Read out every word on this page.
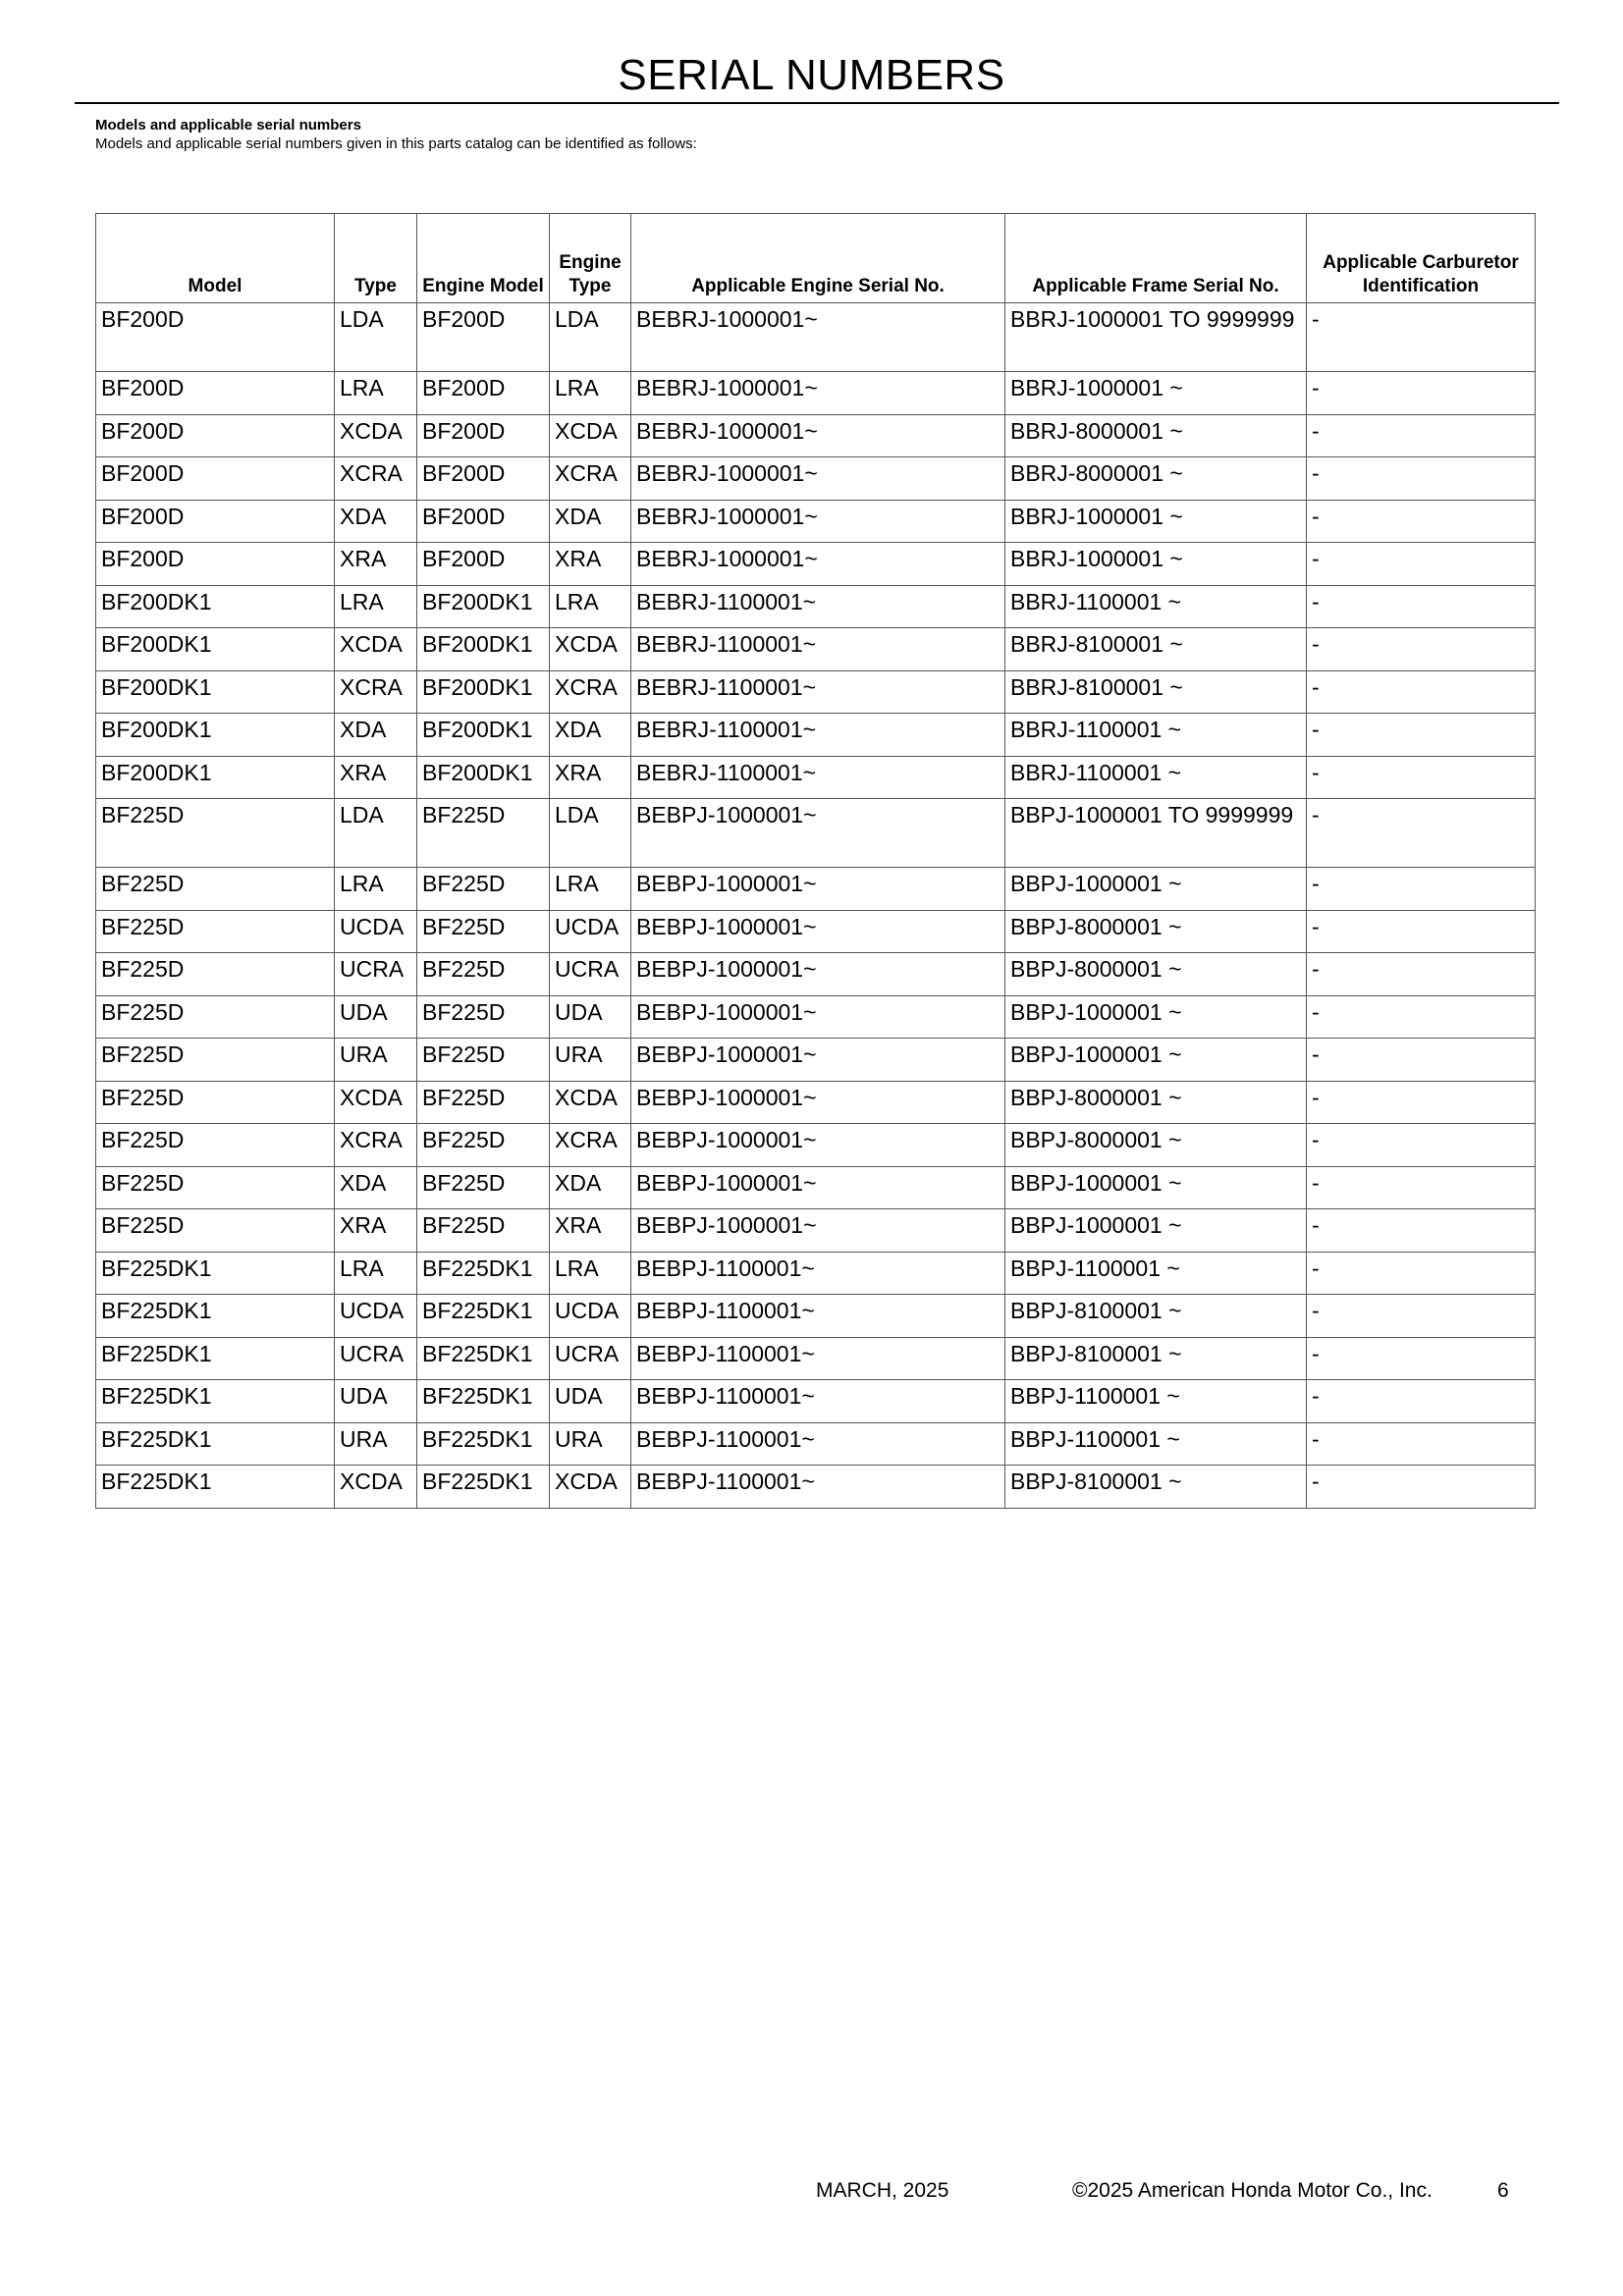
SERIAL NUMBERS
Models and applicable serial numbers
Models and applicable serial numbers given in this parts catalog can be identified as follows:
Model	Type	Engine Model	Engine Type	Applicable Engine Serial No.	Applicable Frame Serial No.	Applicable Carburetor Identification
BF200D	LDA	BF200D	LDA	BEBRJ-1000001~	BBRJ-1000001 TO 9999999	-
BF200D	LRA	BF200D	LRA	BEBRJ-1000001~	BBRJ-1000001 ~	-
BF200D	XCDA	BF200D	XCDA	BEBRJ-1000001~	BBRJ-8000001 ~	-
BF200D	XCRA	BF200D	XCRA	BEBRJ-1000001~	BBRJ-8000001 ~	-
BF200D	XDA	BF200D	XDA	BEBRJ-1000001~	BBRJ-1000001 ~	-
BF200D	XRA	BF200D	XRA	BEBRJ-1000001~	BBRJ-1000001 ~	-
BF200DK1	LRA	BF200DK1	LRA	BEBRJ-1100001~	BBRJ-1100001 ~	-
BF200DK1	XCDA	BF200DK1	XCDA	BEBRJ-1100001~	BBRJ-8100001 ~	-
BF200DK1	XCRA	BF200DK1	XCRA	BEBRJ-1100001~	BBRJ-8100001 ~	-
BF200DK1	XDA	BF200DK1	XDA	BEBRJ-1100001~	BBRJ-1100001 ~	-
BF200DK1	XRA	BF200DK1	XRA	BEBRJ-1100001~	BBRJ-1100001 ~	-
BF225D	LDA	BF225D	LDA	BEBPJ-1000001~	BBPJ-1000001 TO 9999999	-
BF225D	LRA	BF225D	LRA	BEBPJ-1000001~	BBPJ-1000001 ~	-
BF225D	UCDA	BF225D	UCDA	BEBPJ-1000001~	BBPJ-8000001 ~	-
BF225D	UCRA	BF225D	UCRA	BEBPJ-1000001~	BBPJ-8000001 ~	-
BF225D	UDA	BF225D	UDA	BEBPJ-1000001~	BBPJ-1000001 ~	-
BF225D	URA	BF225D	URA	BEBPJ-1000001~	BBPJ-1000001 ~	-
BF225D	XCDA	BF225D	XCDA	BEBPJ-1000001~	BBPJ-8000001 ~	-
BF225D	XCRA	BF225D	XCRA	BEBPJ-1000001~	BBPJ-8000001 ~	-
BF225D	XDA	BF225D	XDA	BEBPJ-1000001~	BBPJ-1000001 ~	-
BF225D	XRA	BF225D	XRA	BEBPJ-1000001~	BBPJ-1000001 ~	-
BF225DK1	LRA	BF225DK1	LRA	BEBPJ-1100001~	BBPJ-1100001 ~	-
BF225DK1	UCDA	BF225DK1	UCDA	BEBPJ-1100001~	BBPJ-8100001 ~	-
BF225DK1	UCRA	BF225DK1	UCRA	BEBPJ-1100001~	BBPJ-8100001 ~	-
BF225DK1	UDA	BF225DK1	UDA	BEBPJ-1100001~	BBPJ-1100001 ~	-
BF225DK1	URA	BF225DK1	URA	BEBPJ-1100001~	BBPJ-1100001 ~	-
BF225DK1	XCDA	BF225DK1	XCDA	BEBPJ-1100001~	BBPJ-8100001 ~	-
MARCH, 2025	©2025 American Honda Motor Co., Inc.	6
